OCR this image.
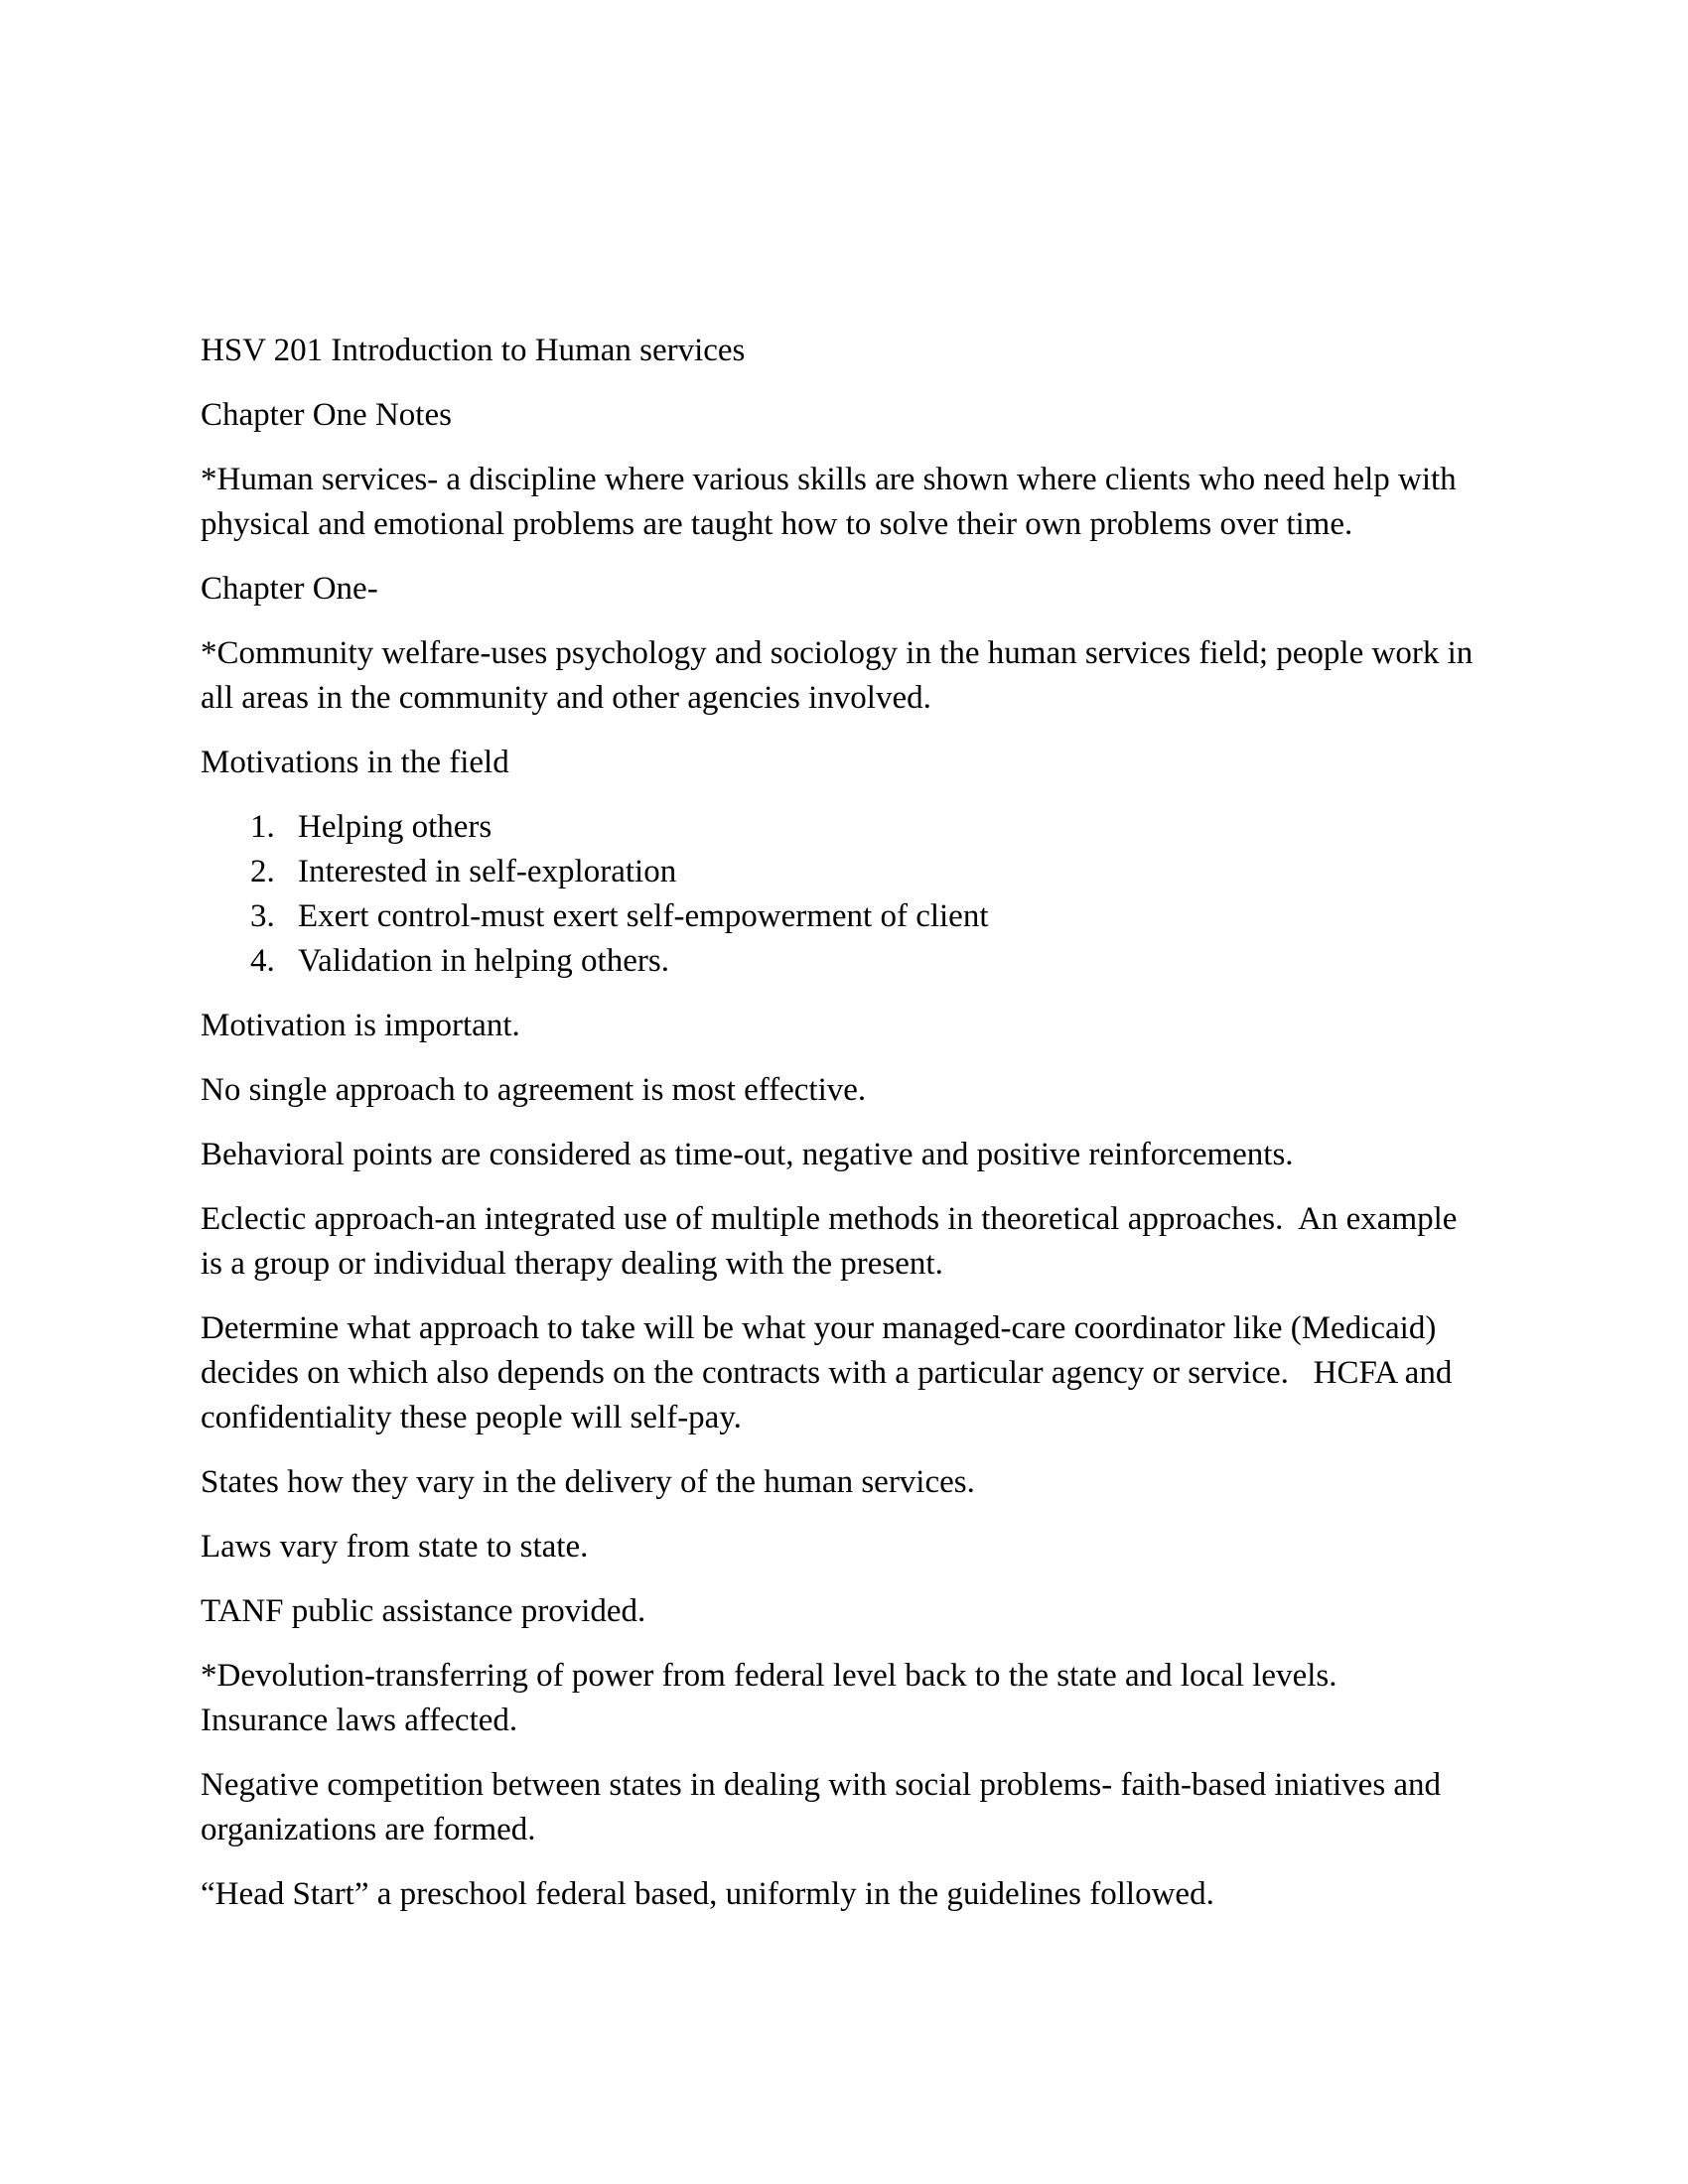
HSV 201 Introduction to Human services

Chapter One Notes

*Human services- a discipline where various skills are shown where clients who need help with physical and emotional problems are taught how to solve their own problems over time.

Chapter One-

*Community welfare-uses psychology and sociology in the human services field; people work in all areas in the community and other agencies involved.

Motivations in the field

1. Helping others
2. Interested in self-exploration
3. Exert control-must exert self-empowerment of client
4. Validation in helping others.

Motivation is important.

No single approach to agreement is most effective.

Behavioral points are considered as time-out, negative and positive reinforcements.

Eclectic approach-an integrated use of multiple methods in theoretical approaches.  An example is a group or individual therapy dealing with the present.

Determine what approach to take will be what your managed-care coordinator like (Medicaid) decides on which also depends on the contracts with a particular agency or service.   HCFA and confidentiality these people will self-pay.

States how they vary in the delivery of the human services.

Laws vary from state to state.

TANF public assistance provided.

*Devolution-transferring of power from federal level back to the state and local levels.  Insurance laws affected.

Negative competition between states in dealing with social problems- faith-based iniatives and organizations are formed.

“Head Start” a preschool federal based, uniformly in the guidelines followed.
